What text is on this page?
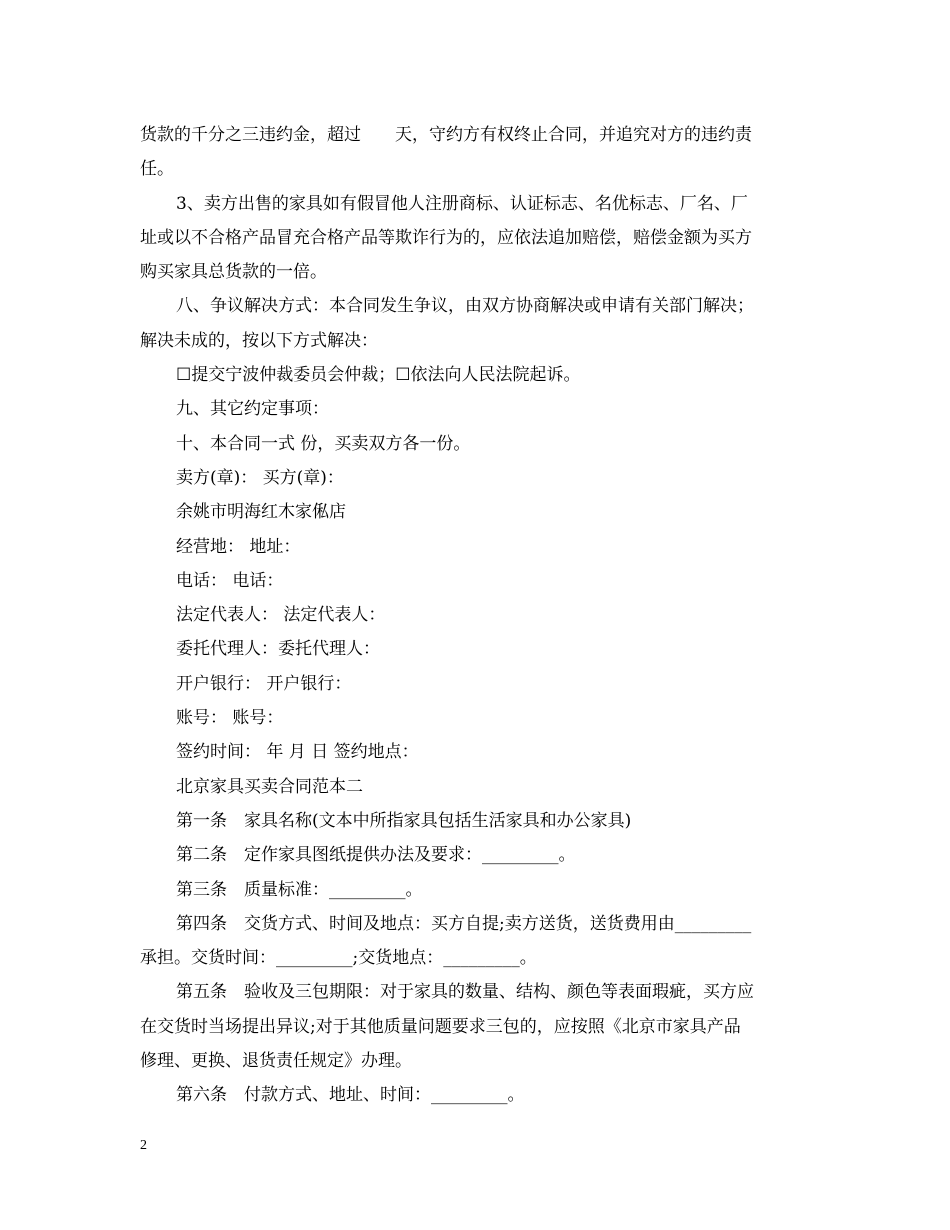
货款的千分之三违约金，超过　　天，守约方有权终止合同，并追究对方的违约责
任。
3、卖方出售的家具如有假冒他人注册商标、认证标志、名优标志、厂名、厂
址或以不合格产品冒充合格产品等欺诈行为的，应依法追加赔偿，赔偿金额为买方
购买家具总货款的一倍。
八、争议解决方式：本合同发生争议，由双方协商解决或申请有关部门解决；
解决未成的，按以下方式解决：
☐提交宁波仲裁委员会仲裁；☐依法向人民法院起诉。
九、其它约定事项：
十、本合同一式 份，买卖双方各一份。
卖方(章)： 买方(章)：
余姚市明海红木家俬店
经营地： 地址：
电话： 电话：
法定代表人： 法定代表人：
委托代理人：委托代理人：
开户银行： 开户银行：
账号： 账号：
签约时间： 年 月 日 签约地点：
北京家具买卖合同范本二
第一条　家具名称(文本中所指家具包括生活家具和办公家具)
第二条　定作家具图纸提供办法及要求：_________。
第三条　质量标准：_________。
第四条　交货方式、时间及地点：买方自提;卖方送货，送货费用由_________
承担。交货时间：_________;交货地点：_________。
第五条　验收及三包期限：对于家具的数量、结构、颜色等表面瑕疵，买方应
在交货时当场提出异议;对于其他质量问题要求三包的，应按照《北京市家具产品
修理、更换、退货责任规定》办理。
第六条　付款方式、地址、时间：_________。
2
